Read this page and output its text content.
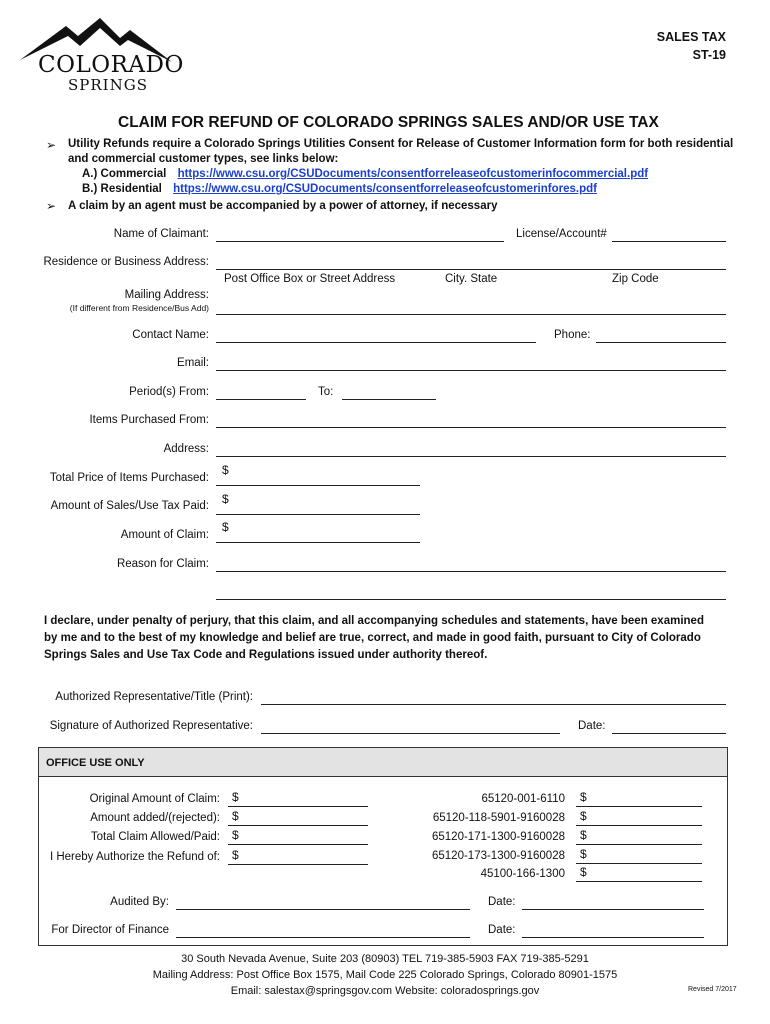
COLORADO
SPRINGS
SALES TAX
ST-19
CLAIM FOR REFUND OF COLORADO SPRINGS SALES AND/OR USE TAX
➢ Utility Refunds require a Colorado Springs Utilities Consent for Release of Customer Information form for both residential
and commercial customer types, see links below:
A.) Commercial https://www.csu.org/CSUDocuments/consentforreleaseofcustomerinfocommercial.pdf
B.) Residential https://www.csu.org/CSUDocuments/consentforreleaseofcustomerinfores.pdf
➢ A claim by an agent must be accompanied by a power of attorney, if necessary
Name of Claimant:	License/Account#
Residence or Business Address:
Post Office Box or Street Address	City. State	Zip Code
Mailing Address:
(If different from Residence/Bus Add)
Contact Name:	Phone:
Email:
Period(s) From:	To:
Items Purchased From:
Address:
Total Price of Items Purchased:
$
Amount of Sales/Use Tax Paid: $
Amount of Claim:
$
Reason for Claim:
I declare, under penalty of perjury, that this claim, and all accompanying schedules and statements, have been examined
by me and to the best of my knowledge and belief are true, correct, and made in good faith, pursuant to City of Colorado
Springs Sales and Use Tax Code and Regulations issued under authority thereof.
Authorized Representative/Title (Print):
Signature of Authorized Representative:	Date:
OFFICE USE ONLY
Original Amount of Claim: $
Amount added/(rejected): $
Total Claim Allowed/Paid: $
I Hereby Authorize the Refund of: $
65120-001-6110 $
65120-118-5901-9160028 $
65120-171-1300-9160028 $
65120-173-1300-9160028 $
45100-166-1300 $
Audited By:	Date:
For Director of Finance	Date:
30 South Nevada Avenue, Suite 203 (80903) TEL 719-385-5903 FAX 719-385-5291
Mailing Address: Post Office Box 1575, Mail Code 225 Colorado Springs, Colorado 80901-1575
Email: salestax@springsgov.com Website: coloradosprings.gov	Revised 7/2017
